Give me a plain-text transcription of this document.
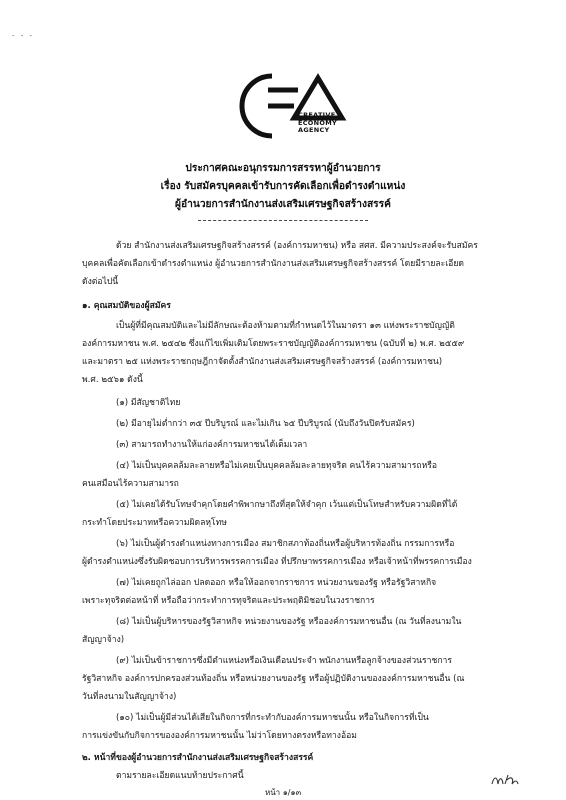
- - -
CREATIVE
ECONOMY
AGENCY
ประกาศคณะอนุกรรมการสรรหาผู้อำนวยการ
เรื่อง รับสมัครบุคคลเข้ารับการคัดเลือกเพื่อดำรงตำแหน่ง
ผู้อำนวยการสำนักงานส่งเสริมเศรษฐกิจสร้างสรรค์
ด้วย สำนักงานส่งเสริมเศรษฐกิจสร้างสรรค์ (องค์การมหาชน) หรือ สศส. มีความประสงค์จะรับสมัคร
บุคคลเพื่อคัดเลือกเข้าดำรงตำแหน่ง ผู้อำนวยการสำนักงานส่งเสริมเศรษฐกิจสร้างสรรค์ โดยมีรายละเอียด
ดังต่อไปนี้
๑. คุณสมบัติของผู้สมัคร
เป็นผู้ที่มีคุณสมบัติและไม่มีลักษณะต้องห้ามตามที่กำหนดไว้ในมาตรา ๑๓ แห่งพระราชบัญญัติ
องค์การมหาชน พ.ศ. ๒๕๔๒ ซึ่งแก้ไขเพิ่มเติมโดยพระราชบัญญัติองค์การมหาชน (ฉบับที่ ๒) พ.ศ. ๒๕๕๙
และมาตรา ๒๕ แห่งพระราชกฤษฎีกาจัดตั้งสำนักงานส่งเสริมเศรษฐกิจสร้างสรรค์ (องค์การมหาชน)
พ.ศ. ๒๕๖๑ ดังนี้
(๑) มีสัญชาติไทย
(๒) มีอายุไม่ต่ำกว่า ๓๕ ปีบริบูรณ์ และไม่เกิน ๖๕ ปีบริบูรณ์ (นับถึงวันปิดรับสมัคร)
(๓) สามารถทำงานให้แก่องค์การมหาชนได้เต็มเวลา
(๔) ไม่เป็นบุคคลล้มละลายหรือไม่เคยเป็นบุคคลล้มละลายทุจริต คนไร้ความสามารถหรือ
คนเสมือนไร้ความสามารถ
(๕) ไม่เคยได้รับโทษจำคุกโดยคำพิพากษาถึงที่สุดให้จำคุก เว้นแต่เป็นโทษสำหรับความผิดที่ได้
กระทำโดยประมาทหรือความผิดลหุโทษ
(๖) ไม่เป็นผู้ดำรงตำแหน่งทางการเมือง สมาชิกสภาท้องถิ่นหรือผู้บริหารท้องถิ่น กรรมการหรือ
ผู้ดำรงตำแหน่งซึ่งรับผิดชอบการบริหารพรรคการเมือง ที่ปรึกษาพรรคการเมือง หรือเจ้าหน้าที่พรรคการเมือง
(๗) ไม่เคยถูกไล่ออก ปลดออก หรือให้ออกจากราชการ หน่วยงานของรัฐ หรือรัฐวิสาหกิจ
เพราะทุจริตต่อหน้าที่ หรือถือว่ากระทำการทุจริตและประพฤติมิชอบในวงราชการ
(๘) ไม่เป็นผู้บริหารของรัฐวิสาหกิจ หน่วยงานของรัฐ หรือองค์การมหาชนอื่น (ณ วันที่ลงนามใน
สัญญาจ้าง)
(๙) ไม่เป็นข้าราชการซึ่งมีตำแหน่งหรือเงินเดือนประจำ พนักงานหรือลูกจ้างของส่วนราชการ
รัฐวิสาหกิจ องค์การปกครองส่วนท้องถิ่น หรือหน่วยงานของรัฐ หรือผู้ปฏิบัติงานขององค์การมหาชนอื่น (ณ
วันที่ลงนามในสัญญาจ้าง)
(๑๐) ไม่เป็นผู้มีส่วนได้เสียในกิจการที่กระทำกับองค์การมหาชนนั้น หรือในกิจการที่เป็น
การแข่งขันกับกิจการขององค์การมหาชนนั้น ไม่ว่าโดยทางตรงหรือทางอ้อม
๒. หน้าที่ของผู้อำนวยการสำนักงานส่งเสริมเศรษฐกิจสร้างสรรค์
ตามรายละเอียดแนบท้ายประกาศนี้
หน้า ๑/๑๓
